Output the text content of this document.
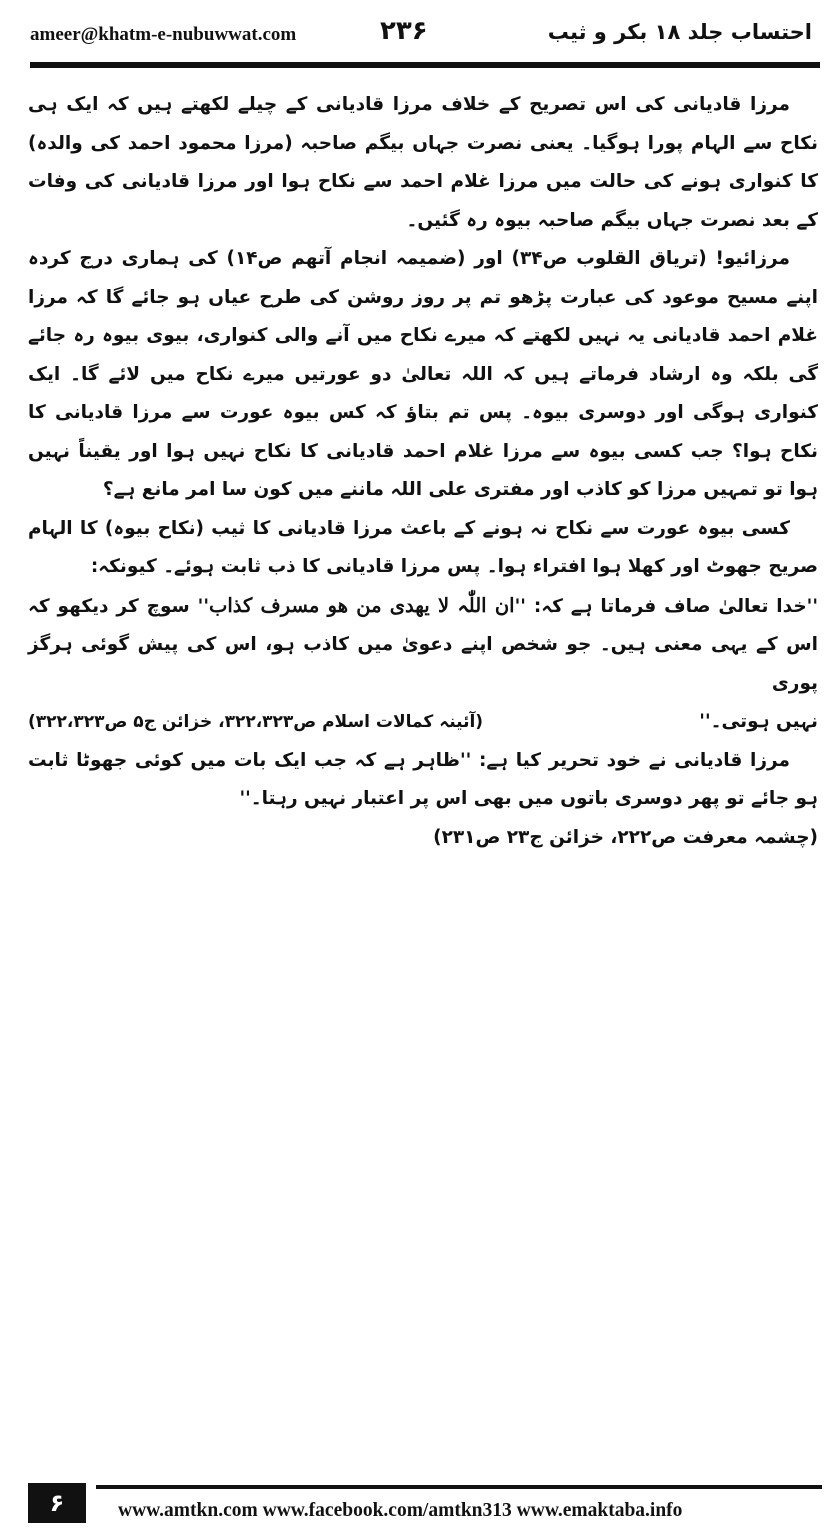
ameer@khatm-e-nubuwwat.com	۲۳۶	احتساب جلد ۱۸ بکر و ثیب

مرزا قادیانی کی اس تصریح کے خلاف مرزا قادیانی کے چیلے لکھتے ہیں کہ ایک ہی نکاح سے الہام پورا ہوگیا۔ یعنی نصرت جہاں بیگم صاحبہ (مرزا محمود احمد کی والدہ) کا کنواری ہونے کی حالت میں مرزا غلام احمد سے نکاح ہوا اور مرزا قادیانی کی وفات کے بعد نصرت جہاں بیگم صاحبہ بیوہ رہ گئیں۔

مرزائیو! (تریاق القلوب ص۳۴) اور (ضمیمہ انجام آتھم ص۱۴) کی ہماری درج کردہ اپنے مسیح موعود کی عبارت پڑھو تم پر روز روشن کی طرح عیاں ہو جائے گا کہ مرزا غلام احمد قادیانی یہ نہیں لکھتے کہ میرے نکاح میں آنے والی کنواری، بیوی بیوہ رہ جائے گی بلکہ وہ ارشاد فرماتے ہیں کہ اللہ تعالیٰ دو عورتیں میرے نکاح میں لائے گا۔ ایک کنواری ہوگی اور دوسری بیوہ۔ پس تم بتاؤ کہ کس بیوہ عورت سے مرزا قادیانی کا نکاح ہوا؟ جب کسی بیوہ سے مرزا غلام احمد قادیانی کا نکاح نہیں ہوا اور یقیناً نہیں ہوا تو تمہیں مرزا کو کاذب اور مفتری علی اللہ ماننے میں کون سا امر مانع ہے؟

کسی بیوہ عورت سے نکاح نہ ہونے کے باعث مرزا قادیانی کا ثیب (نکاح بیوہ) کا الہام صریح جھوٹ اور کھلا ہوا افتراء ہوا۔ پس مرزا قادیانی کا ذب ثابت ہوئے۔ کیونکہ:

''خدا تعالیٰ صاف فرماتا ہے کہ: ''ان اللّٰہ لا یھدی من ھو مسرف کذاب'' سوچ کر دیکھو کہ اس کے یہی معنی ہیں۔ جو شخص اپنے دعویٰ میں کاذب ہو، اس کی پیش گوئی ہرگز پوری

نہیں ہوتی۔''
(آئینہ کمالات اسلام ص۳۲۲،۳۲۳، خزائن ج۵ ص۳۲۲،۳۲۳)

مرزا قادیانی نے خود تحریر کیا ہے: ''ظاہر ہے کہ جب ایک بات میں کوئی جھوٹا ثابت ہو جائے تو پھر دوسری باتوں میں بھی اس پر اعتبار نہیں رہتا۔''

(چشمہ معرفت ص۲۲۲، خزائن ج۲۳ ص۲۳۱)

۶	www.amtkn.com www.facebook.com/amtkn313 www.emaktaba.info
